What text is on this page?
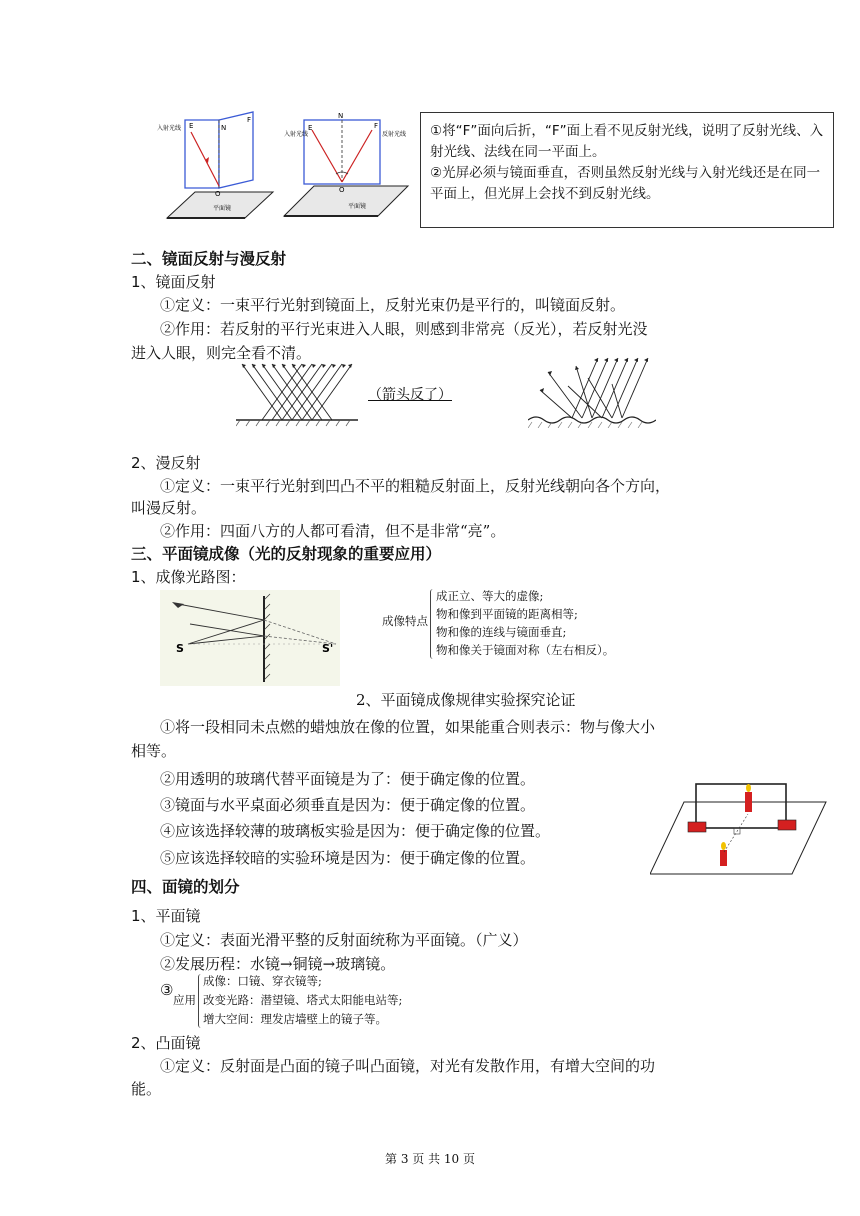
入射光线 E	N
F
O
平面镜
入射光线	反射光线
E
N
F
O
平面镜

①将“F”面向后折，“F”面上看不见反射光线，说明了反射光线、入射光线、法线在同一平面上。

②光屏必须与镜面垂直，否则虽然反射光线与入射光线还是在同一平面上，但光屏上会找不到反射光线。

二、镜面反射与漫反射
1、镜面反射
①定义：一束平行光射到镜面上，反射光束仍是平行的，叫镜面反射。
②作用：若反射的平行光束进入人眼，则感到非常亮（反光），若反射光没
进入人眼，则完全看不清。
（箭头反了）
2、漫反射
①定义：一束平行光射到凹凸不平的粗糙反射面上，反射光线朝向各个方向，
叫漫反射。
②作用：四面八方的人都可看清，但不是非常“亮”。
三、平面镜成像（光的反射现象的重要应用）
1、成像光路图：
S	S'
成像特点
成正立、等大的虚像;
物和像到平面镜的距离相等;
物和像的连线与镜面垂直;
物和像关于镜面对称（左右相反）。
2、平面镜成像规律实验探究论证
①将一段相同未点燃的蜡烛放在像的位置，如果能重合则表示：物与像大小
相等。
②用透明的玻璃代替平面镜是为了：便于确定像的位置。
③镜面与水平桌面必须垂直是因为：便于确定像的位置。
④应该选择较薄的玻璃板实验是因为：便于确定像的位置。
⑤应该选择较暗的实验环境是因为：便于确定像的位置。
四、面镜的划分
1、平面镜
①定义：表面光滑平整的反射面统称为平面镜。（广义）
②发展历程：水镜→铜镜→玻璃镜。
③
应用
成像：口镜、穿衣镜等;
改变光路：潜望镜、塔式太阳能电站等;
增大空间：理发店墙壁上的镜子等。
2、凸面镜
①定义：反射面是凸面的镜子叫凸面镜，对光有发散作用，有增大空间的功
能。
第 3 页 共 10 页
